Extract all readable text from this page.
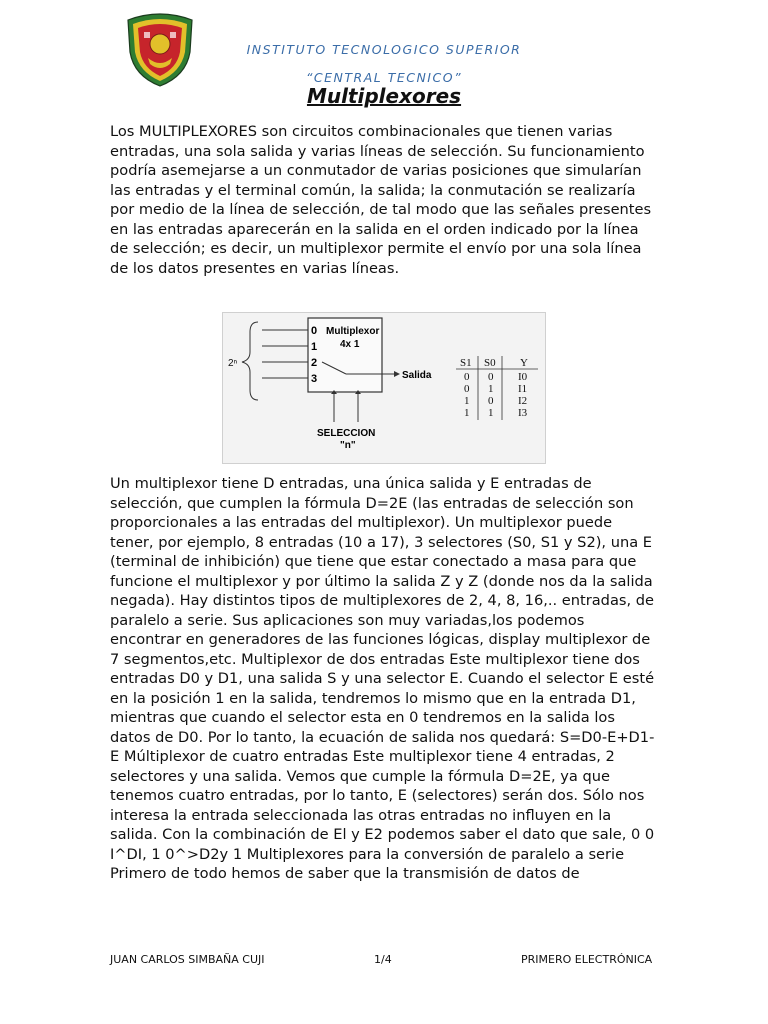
INSTITUTO TECNOLOGICO SUPERIOR
“CENTRAL TECNICO”
Multiplexores

Los MULTIPLEXORES son circuitos combinacionales que tienen varias entradas, una sola salida y varias líneas de selección. Su funcionamiento podría asemejarse a un conmutador de varias posiciones que simularían las entradas y el terminal común, la salida; la conmutación se realizaría por medio de la línea de selección, de tal modo que las señales presentes en las entradas aparecerán en la salida en el orden indicado por la línea de selección; es decir, un multiplexor permite el envío por una sola línea de los datos presentes en varias líneas.

2ⁿ
0
1
2
3
Multiplexor
4x 1
Salida
SELECCION
"n"
S1 S0 Y
0 0 I0
0 1 I1
1 0 I2
1 1 I3

Un multiplexor tiene D entradas, una única salida y E entradas de selección, que cumplen la fórmula D=2E (las entradas de selección son proporcionales a las entradas del multiplexor). Un multiplexor puede tener, por ejemplo, 8 entradas (10 a 17), 3 selectores (S0, S1 y S2), una E (terminal de inhibición) que tiene que estar conectado a masa para que funcione el multiplexor y por último la salida Z y Z (donde nos da la salida negada). Hay distintos tipos de multiplexores de 2, 4, 8, 16,.. entradas, de paralelo a serie. Sus aplicaciones son muy variadas,los podemos encontrar en generadores de las funciones lógicas, display multiplexor de 7 segmentos,etc. Multiplexor de dos entradas Este multiplexor tiene dos entradas D0 y D1, una salida S y una selector E. Cuando el selector E esté en la posición 1 en la salida, tendremos lo mismo que en la entrada D1, mientras que cuando el selector esta en 0 tendremos en la salida los datos de D0. Por lo tanto, la ecuación de salida nos quedará: S=D0-E+D1-E Múltiplexor de cuatro entradas Este multiplexor tiene 4 entradas, 2 selectores y una salida. Vemos que cumple la fórmula D=2E, ya que tenemos cuatro entradas, por lo tanto, E (selectores) serán dos. Sólo nos interesa la entrada seleccionada las otras entradas no influyen en la salida. Con la combinación de El y E2 podemos saber el dato que sale, 0 0 I^DI, 1 0^>D2y 1 Multiplexores para la conversión de paralelo a serie Primero de todo hemos de saber que la transmisión de datos de

JUAN CARLOS SIMBAÑA CUJI	1/4	PRIMERO ELECTRÓNICA
